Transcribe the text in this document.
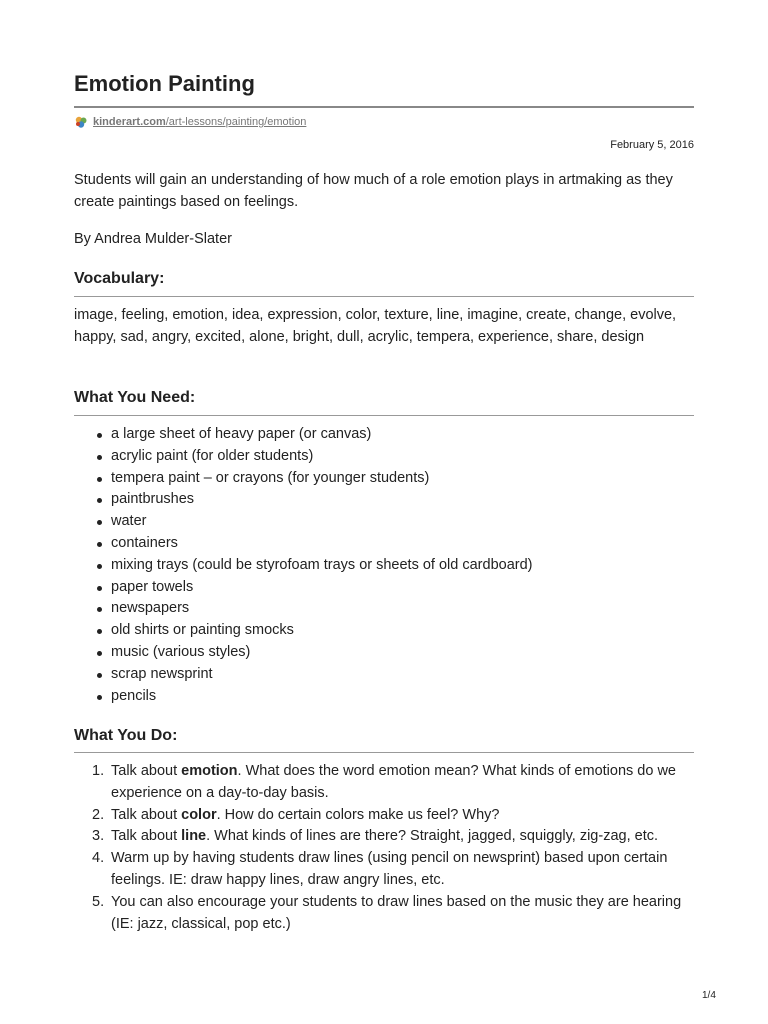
Emotion Painting
kinderart.com/art-lessons/painting/emotion
February 5, 2016

Students will gain an understanding of how much of a role emotion plays in artmaking as they create paintings based on feelings.

By Andrea Mulder-Slater

Vocabulary:

image, feeling, emotion, idea, expression, color, texture, line, imagine, create, change, evolve, happy, sad, angry, excited, alone, bright, dull, acrylic, tempera, experience, share, design

What You Need:
a large sheet of heavy paper (or canvas)
acrylic paint (for older students)
tempera paint – or crayons (for younger students)
paintbrushes
water
containers
mixing trays (could be styrofoam trays or sheets of old cardboard)
paper towels
newspapers
old shirts or painting smocks
music (various styles)
scrap newsprint
pencils
What You Do:
1. Talk about emotion. What does the word emotion mean? What kinds of emotions do we experience on a day-to-day basis.
2. Talk about color. How do certain colors make us feel? Why?
3. Talk about line. What kinds of lines are there? Straight, jagged, squiggly, zig-zag, etc.
4. Warm up by having students draw lines (using pencil on newsprint) based upon certain feelings. IE: draw happy lines, draw angry lines, etc.
5. You can also encourage your students to draw lines based on the music they are hearing (IE: jazz, classical, pop etc.)
1/4
